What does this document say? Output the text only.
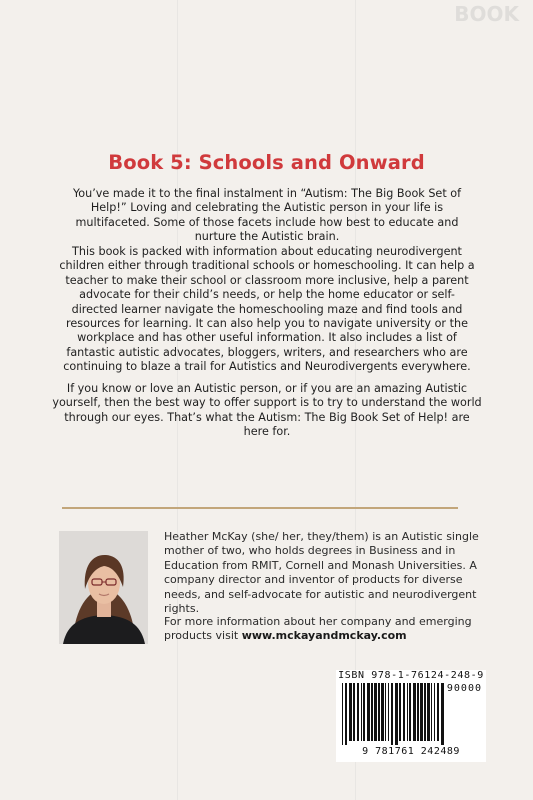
BOOK
Book 5: Schools and Onward

You’ve made it to the final instalment in “Autism: The Big Book Set of Help!” Loving and celebrating the Autistic person in your life is multifaceted. Some of those facets include how best to educate and nurture the Autistic brain.

This book is packed with information about educating neurodivergent children either through traditional schools or homeschooling. It can help a teacher to make their school or classroom more inclusive, help a parent advocate for their child’s needs, or help the home educator or self-directed learner navigate the homeschooling maze and find tools and resources for learning. It can also help you to navigate university or the workplace and has other useful information. It also includes a list of fantastic autistic advocates, bloggers, writers, and researchers who are continuing to blaze a trail for Autistics and Neurodivergents everywhere.

If you know or love an Autistic person, or if you are an amazing Autistic yourself, then the best way to offer support is to try to understand the world through our eyes. That’s what the Autism: The Big Book Set of Help! are here for.

Heather McKay (she/ her, they/them) is an Autistic single mother of two, who holds degrees in Business and in Education from RMIT, Cornell and Monash Universities. A company director and inventor of products for diverse needs, and self-advocate for autistic and neurodivergent rights.

For more information about her company and emerging products visit www.mckayandmckay.com

ISBN 978-1-76124-248-9
90000
9 781761 242489
